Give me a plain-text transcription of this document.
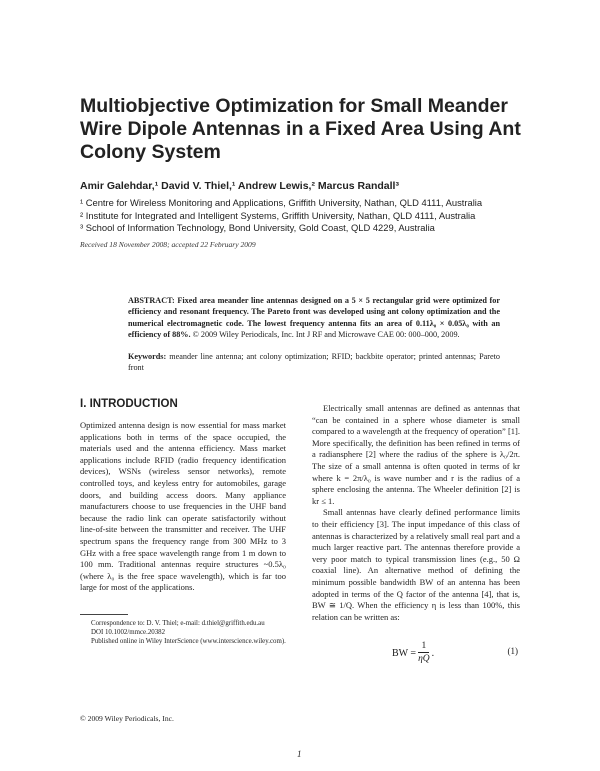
Multiobjective Optimization for Small Meander Wire Dipole Antennas in a Fixed Area Using Ant Colony System
Amir Galehdar,¹ David V. Thiel,¹ Andrew Lewis,² Marcus Randall³
¹ Centre for Wireless Monitoring and Applications, Griffith University, Nathan, QLD 4111, Australia
² Institute for Integrated and Intelligent Systems, Griffith University, Nathan, QLD 4111, Australia
³ School of Information Technology, Bond University, Gold Coast, QLD 4229, Australia
Received 18 November 2008; accepted 22 February 2009
ABSTRACT: Fixed area meander line antennas designed on a 5 × 5 rectangular grid were optimized for efficiency and resonant frequency. The Pareto front was developed using ant colony optimization and the numerical electromagnetic code. The lowest frequency antenna fits an area of 0.11λ₀ × 0.05λ₀ with an efficiency of 88%. © 2009 Wiley Periodicals, Inc. Int J RF and Microwave CAE 00: 000–000, 2009.
Keywords: meander line antenna; ant colony optimization; RFID; backbite operator; printed antennas; Pareto front
I. INTRODUCTION

Optimized antenna design is now essential for mass market applications both in terms of the space occupied, the materials used and the antenna efficiency. Mass market applications include RFID (radio frequency identification devices), WSNs (wireless sensor networks), remote controlled toys, and keyless entry for automobiles, garage doors, and building access doors. Many appliance manufacturers choose to use frequencies in the UHF band because the radio link can operate satisfactorily without line-of-site between the transmitter and receiver. The UHF spectrum spans the frequency range from 300 MHz to 3 GHz with a free space wavelength range from 1 m down to 100 mm. Traditional antennas require structures ~0.5λ₀ (where λ₀ is the free space wavelength), which is far too large for most of the applications.

Correspondence to: D. V. Thiel; e-mail: d.thiel@griffith.edu.au
DOI 10.1002/mmce.20382
Published online in Wiley InterScience (www.interscience.wiley.com).

Electrically small antennas are defined as antennas that “can be contained in a sphere whose diameter is small compared to a wavelength at the frequency of operation” [1]. More specifically, the definition has been refined in terms of a radiansphere [2] where the radius of the sphere is λ₀/2π. The size of a small antenna is often quoted in terms of kr where k = 2π/λ₀ is wave number and r is the radius of a sphere enclosing the antenna. The Wheeler definition [2] is kr ≤ 1.

Small antennas have clearly defined performance limits to their efficiency [3]. The input impedance of this class of antennas is characterized by a relatively small real part and a much larger reactive part. The antennas therefore provide a very poor match to typical transmission lines (e.g., 50 Ω coaxial line). An alternative method of defining the minimum possible bandwidth BW of an antenna has been adopted in terms of the Q factor of the antenna [4], that is, BW ≅ 1/Q. When the efficiency η is less than 100%, this relation can be written as:

BW = $\frac{1}{\eta Q}$ .	(1)
© 2009 Wiley Periodicals, Inc.
1
